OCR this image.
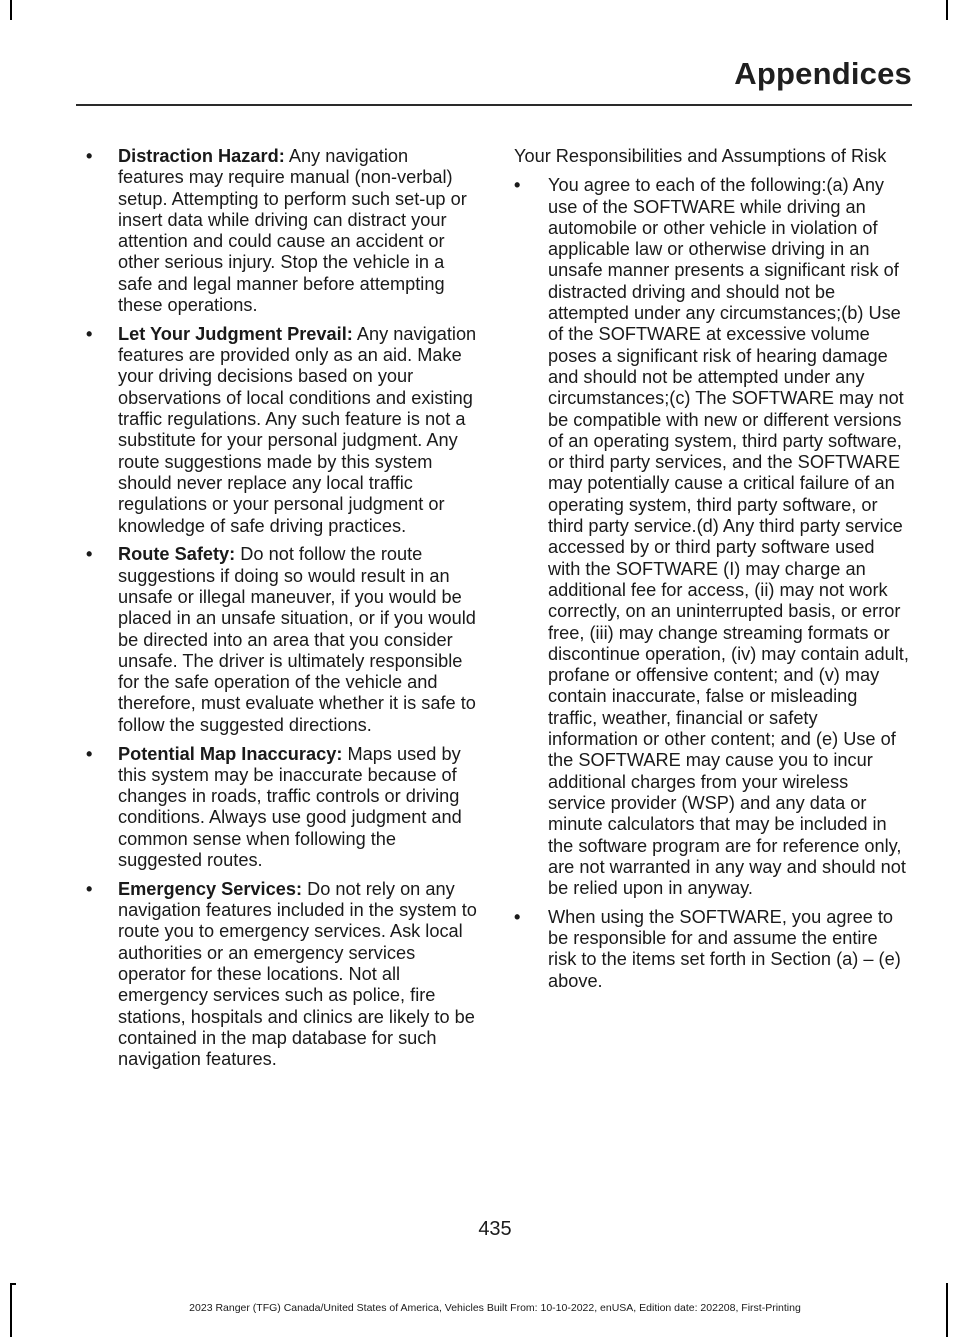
Appendices
• Distraction Hazard: Any navigation features may require manual (non-verbal) setup. Attempting to perform such set-up or insert data while driving can distract your attention and could cause an accident or other serious injury. Stop the vehicle in a safe and legal manner before attempting these operations.
• Let Your Judgment Prevail: Any navigation features are provided only as an aid. Make your driving decisions based on your observations of local conditions and existing traffic regulations. Any such feature is not a substitute for your personal judgment. Any route suggestions made by this system should never replace any local traffic regulations or your personal judgment or knowledge of safe driving practices.
• Route Safety: Do not follow the route suggestions if doing so would result in an unsafe or illegal maneuver, if you would be placed in an unsafe situation, or if you would be directed into an area that you consider unsafe. The driver is ultimately responsible for the safe operation of the vehicle and therefore, must evaluate whether it is safe to follow the suggested directions.
• Potential Map Inaccuracy: Maps used by this system may be inaccurate because of changes in roads, traffic controls or driving conditions. Always use good judgment and common sense when following the suggested routes.
• Emergency Services: Do not rely on any navigation features included in the system to route you to emergency services. Ask local authorities or an emergency services operator for these locations. Not all emergency services such as police, fire stations, hospitals and clinics are likely to be contained in the map database for such navigation features.

Your Responsibilities and Assumptions of Risk

• You agree to each of the following:(a) Any use of the SOFTWARE while driving an automobile or other vehicle in violation of applicable law or otherwise driving in an unsafe manner presents a significant risk of distracted driving and should not be attempted under any circumstances;(b) Use of the SOFTWARE at excessive volume poses a significant risk of hearing damage and should not be attempted under any circumstances;(c) The SOFTWARE may not be compatible with new or different versions of an operating system, third party software, or third party services, and the SOFTWARE may potentially cause a critical failure of an operating system, third party software, or third party service.(d) Any third party service accessed by or third party software used with the SOFTWARE (I) may charge an additional fee for access, (ii) may not work correctly, on an uninterrupted basis, or error free, (iii) may change streaming formats or discontinue operation, (iv) may contain adult, profane or offensive content; and (v) may contain inaccurate, false or misleading traffic, weather, financial or safety information or other content; and (e) Use of the SOFTWARE may cause you to incur additional charges from your wireless service provider (WSP) and any data or minute calculators that may be included in the software program are for reference only, are not warranted in any way and should not be relied upon in anyway.
• When using the SOFTWARE, you agree to be responsible for and assume the entire risk to the items set forth in Section (a) – (e) above.
435
2023 Ranger (TFG) Canada/United States of America, Vehicles Built From: 10-10-2022, enUSA, Edition date: 202208, First-Printing
